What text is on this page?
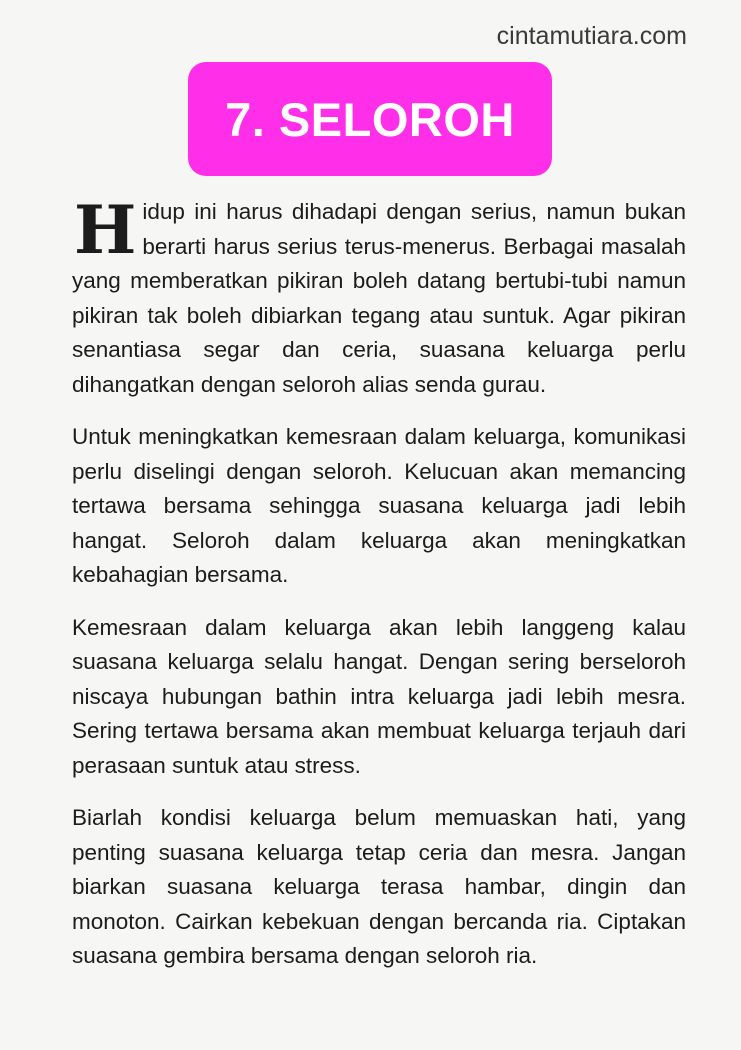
cintamutiara.com
7. SELOROH

Hidup ini harus dihadapi dengan serius, namun bukan berarti harus serius terus-menerus. Berbagai masalah yang memberatkan pikiran boleh datang bertubi-tubi namun pikiran tak boleh dibiarkan tegang atau suntuk. Agar pikiran senantiasa segar dan ceria, suasana keluarga perlu dihangatkan dengan seloroh alias senda gurau.

Untuk meningkatkan kemesraan dalam keluarga, komunikasi perlu diselingi dengan seloroh. Kelucuan akan memancing tertawa bersama sehingga suasana keluarga jadi lebih hangat. Seloroh dalam keluarga akan meningkatkan kebahagian bersama.

Kemesraan dalam keluarga akan lebih langgeng kalau suasana keluarga selalu hangat. Dengan sering berseloroh niscaya hubungan bathin intra keluarga jadi lebih mesra. Sering tertawa bersama akan membuat keluarga terjauh dari perasaan suntuk atau stress.

Biarlah kondisi keluarga belum memuaskan hati, yang penting suasana keluarga tetap ceria dan mesra. Jangan biarkan suasana keluarga terasa hambar, dingin dan monoton. Cairkan kebekuan dengan bercanda ria. Ciptakan suasana gembira bersama dengan seloroh ria.
